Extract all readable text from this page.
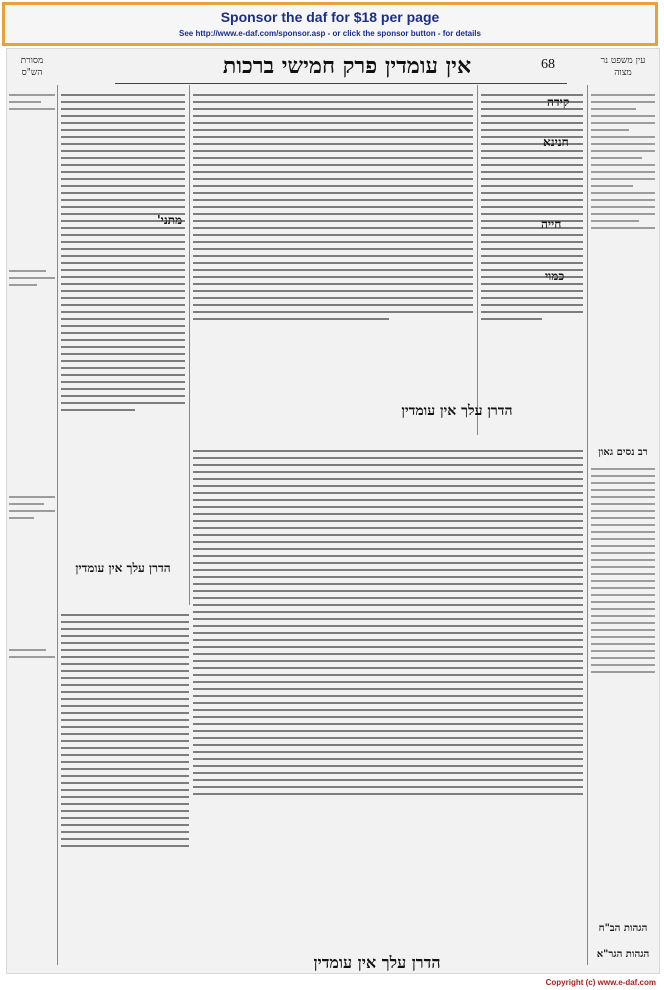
Sponsor the daf for $18 per page
See http://www.e-daf.com/sponsor.asp - or click the sponsor button - for details
68
אין עומדין פרק חמישי ברכות
מסורת הש"ס
עין משפט נר מצוה
הדרן עלך אין עומדין
קידה
חנינא
חייה
כמוי
מתני'
הדרן עלך אין עומדין
רב נסים גאון
הגהות הב"ח
הגהות הגר"א
הדרן עלך אין עומדין
Copyright (c) www.e-daf.com
